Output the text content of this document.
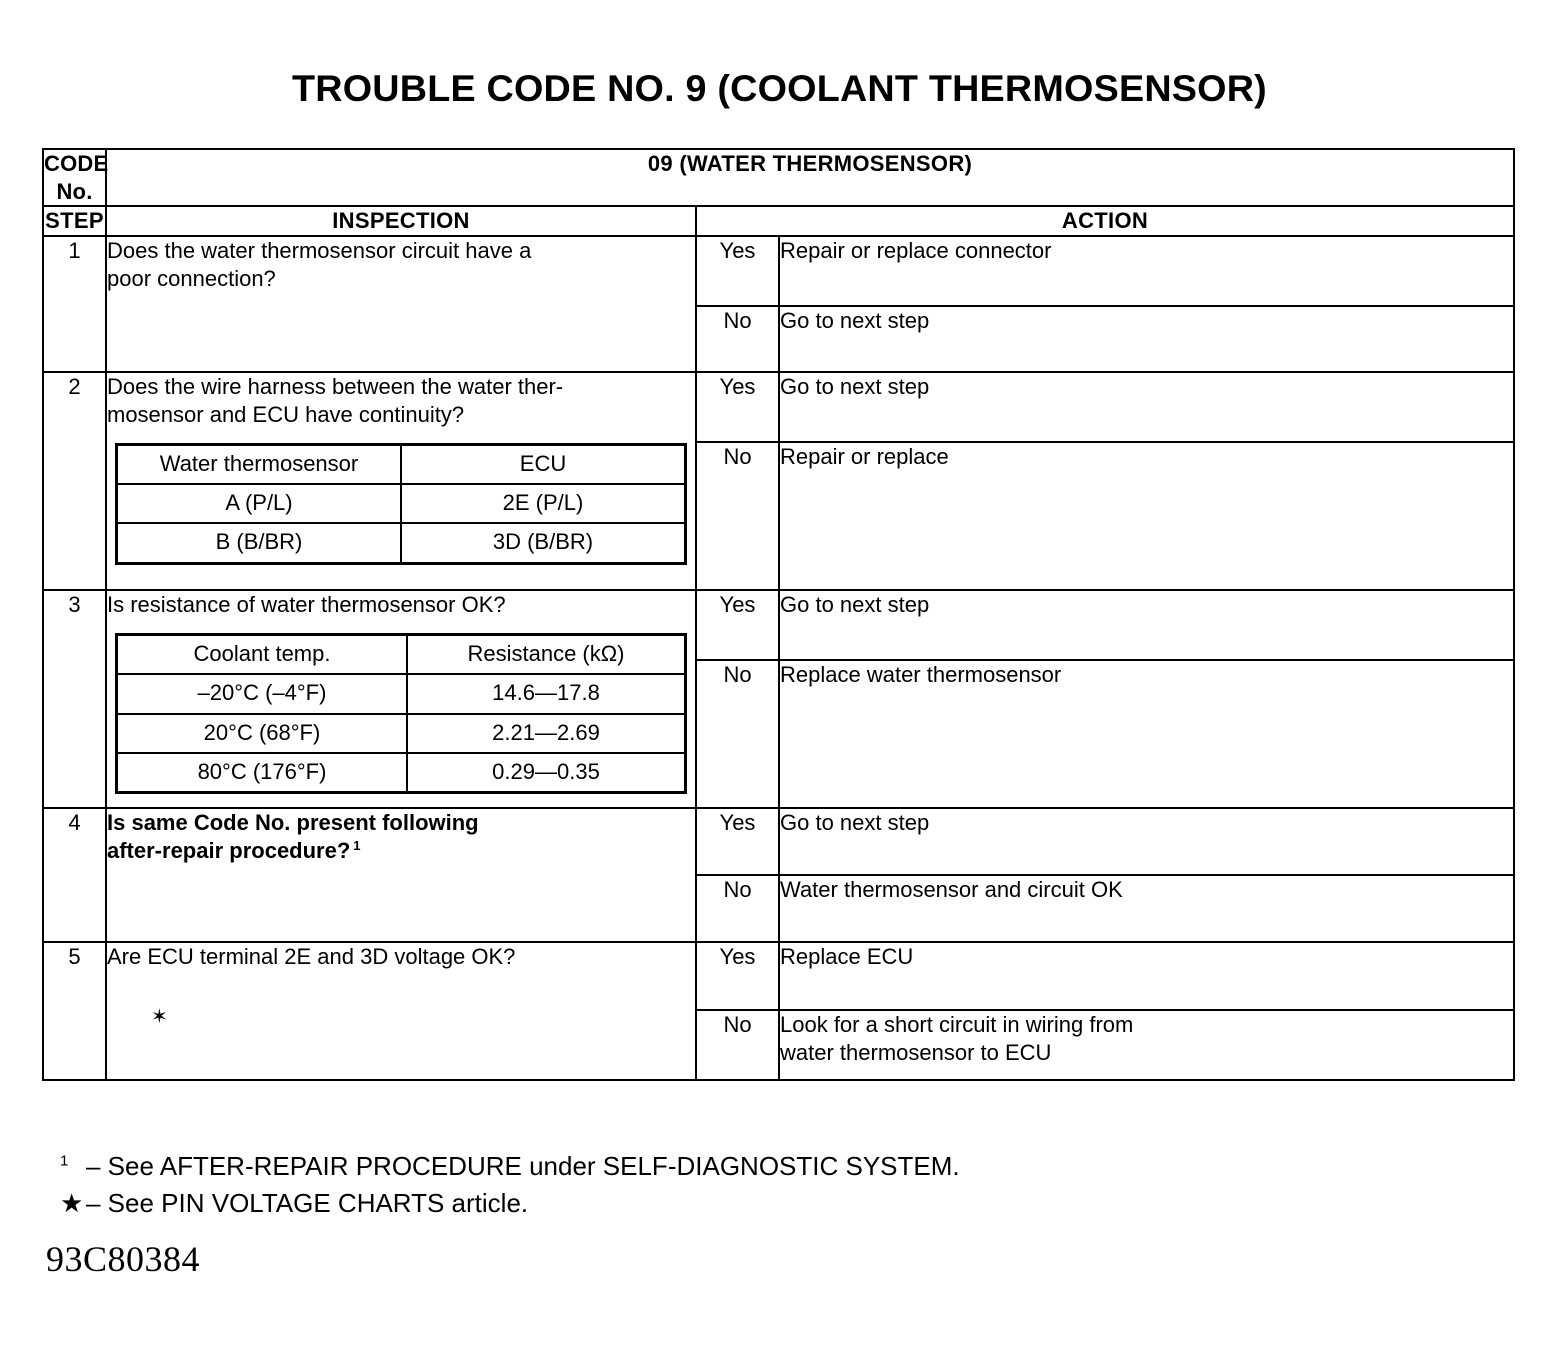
TROUBLE CODE NO. 9 (COOLANT THERMOSENSOR)
CODE No.	09 (WATER THERMOSENSOR)
STEP	INSPECTION	ACTION
1	Does the water thermosensor circuit have a

poor connection?

	Yes	Repair or replace connector

No	Go to next step

2	Does the wire harness between the water ther-

mosensor and ECU have continuity?

Water thermosensor	ECU
A (P/L)	2E (P/L)
B (B/BR)	3D (B/BR)
	Yes	Go to next step

No	Repair or replace

3	Is resistance of water thermosensor OK?

Coolant temp.	Resistance (kΩ)
–20°C (–4°F)	14.6—17.8
20°C (68°F)	2.21—2.69
80°C (176°F)	0.29—0.35
	Yes	Go to next step

No	Replace water thermosensor

4	Is same Code No. present following

after-repair procedure? $^1$

	Yes	Go to next step

No	Water thermosensor and circuit OK

5	Are ECU terminal 2E and 3D voltage OK?

✶
	Yes	Replace ECU

No	Look for a short circuit in wiring from

water thermosensor to ECU

$^1$ – See AFTER-REPAIR PROCEDURE under SELF-DIAGNOSTIC SYSTEM.
★ – See PIN VOLTAGE CHARTS article.
93C80384
